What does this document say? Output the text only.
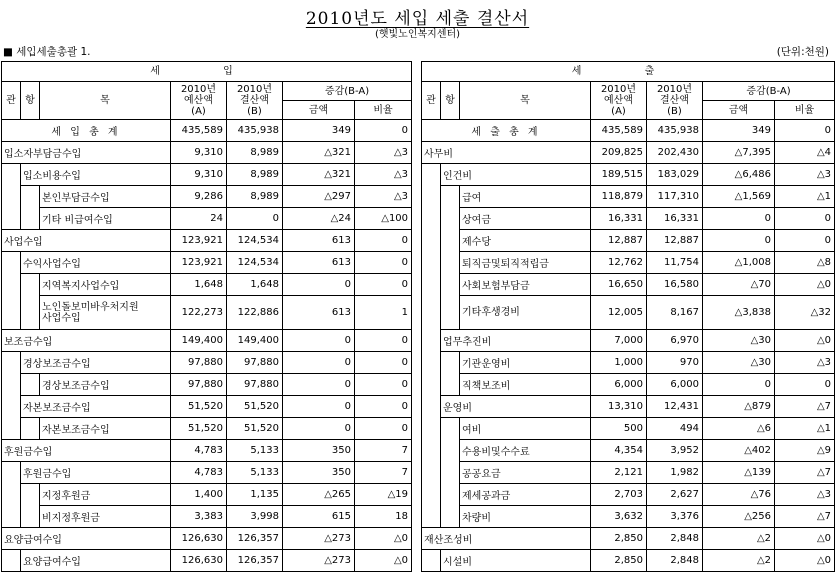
2010년도 세입 세출 결산서
(햇빛노인복지센터)
■ 세입세출총괄 1.	(단위:천원)
세 입						
관	항	목	2010년
예산액
(A)	2010년
결산액
(B)	증감(B-A)	
					금액	비율
세 입 총 계			435,589	435,938	349	0
입소자부담금수입			9,310	8,989	△321	△3
	입소비용수입		9,310	8,989	△321	△3
		본인부담금수입	9,286	8,989	△297	△3
		기타 비급여수입	24	0	△24	△100
사업수입			123,921	124,534	613	0
	수익사업수입		123,921	124,534	613	0
		지역복지사업수입	1,648	1,648	0	0
		노인돌보미바우처지원
사업수입	122,273	122,886	613	1
보조금수입			149,400	149,400	0	0
	경상보조금수입		97,880	97,880	0	0
		경상보조금수입	97,880	97,880	0	0
	자본보조금수입		51,520	51,520	0	0
		자본보조금수입	51,520	51,520	0	0
후원금수입			4,783	5,133	350	7
	후원금수입		4,783	5,133	350	7
		지정후원금	1,400	1,135	△265	△19
		비지정후원금	3,383	3,998	615	18
요양급여수입			126,630	126,357	△273	△0
	요양급여수입		126,630	126,357	△273	△0
세 출						
관	항	목	2010년
예산액
(A)	2010년
결산액
(B)	증감(B-A)	
					금액	비율
세 출 총 계			435,589	435,938	349	0
사무비			209,825	202,430	△7,395	△4
	인건비		189,515	183,029	△6,486	△3
		급여	118,879	117,310	△1,569	△1
		상여금	16,331	16,331	0	0
		제수당	12,887	12,887	0	0
		퇴직금및퇴직적립금	12,762	11,754	△1,008	△8
		사회보험부담금	16,650	16,580	△70	△0
		기타후생경비	12,005	8,167	△3,838	△32
	업무추진비		7,000	6,970	△30	△0
		기관운영비	1,000	970	△30	△3
		직책보조비	6,000	6,000	0	0
	운영비		13,310	12,431	△879	△7
		여비	500	494	△6	△1
		수용비및수수료	4,354	3,952	△402	△9
		공공요금	2,121	1,982	△139	△7
		제세공과금	2,703	2,627	△76	△3
		차량비	3,632	3,376	△256	△7
재산조성비			2,850	2,848	△2	△0
	시설비		2,850	2,848	△2	△0
